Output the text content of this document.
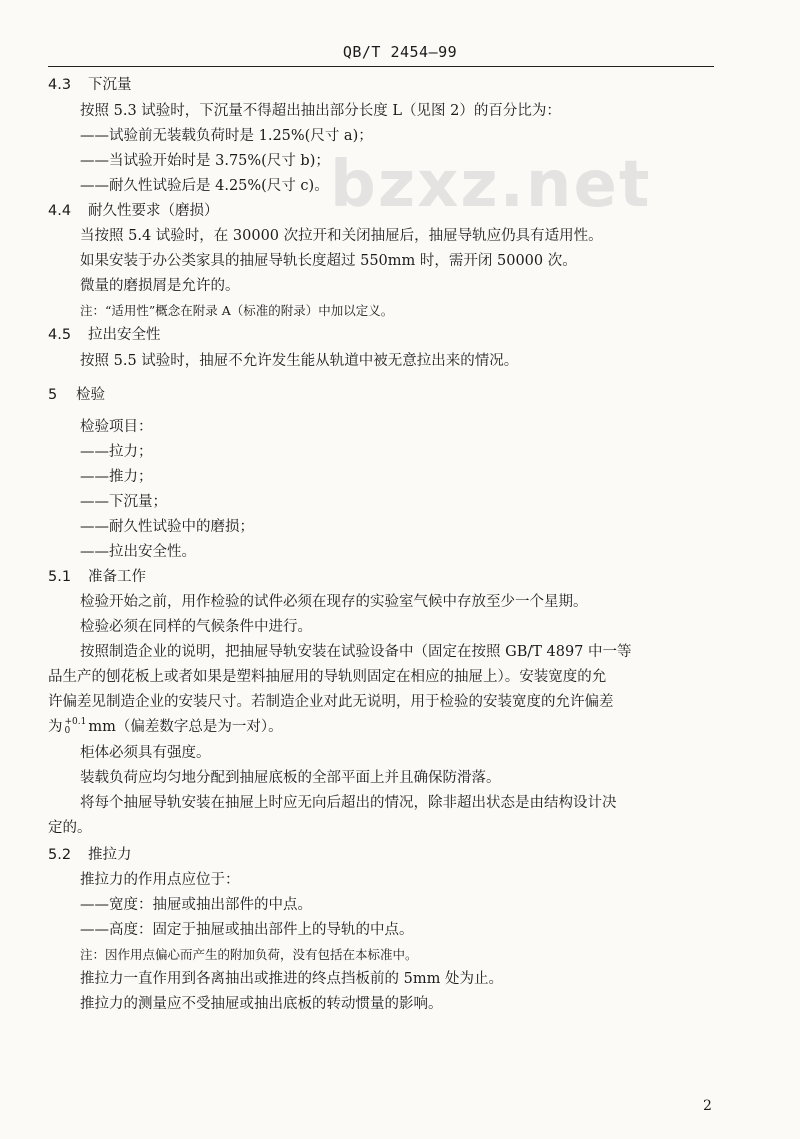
QB/T 2454—99
bzxz.net
4.3 下沉量
按照 5.3 试验时，下沉量不得超出抽出部分长度 L（见图 2）的百分比为：
——试验前无装载负荷时是 1.25%(尺寸 a)；
——当试验开始时是 3.75%(尺寸 b)；
——耐久性试验后是 4.25%(尺寸 c)。
4.4 耐久性要求（磨损）
当按照 5.4 试验时，在 30000 次拉开和关闭抽屉后，抽屉导轨应仍具有适用性。
如果安装于办公类家具的抽屉导轨长度超过 550mm 时，需开闭 50000 次。
微量的磨损屑是允许的。
注：“适用性”概念在附录 A（标准的附录）中加以定义。
4.5 拉出安全性
按照 5.5 试验时，抽屉不允许发生能从轨道中被无意拉出来的情况。
5 检验
检验项目：
——拉力；
——推力；
——下沉量；
——耐久性试验中的磨损；
——拉出安全性。
5.1 准备工作
检验开始之前，用作检验的试件必须在现存的实验室气候中存放至少一个星期。
检验必须在同样的气候条件中进行。
按照制造企业的说明，把抽屉导轨安装在试验设备中（固定在按照 GB/T 4897 中一等
品生产的刨花板上或者如果是塑料抽屉用的导轨则固定在相应的抽屉上）。安装宽度的允
许偏差见制造企业的安装尺寸。若制造企业对此无说明，用于检验的安装宽度的允许偏差
为 +0.1
0	mm（偏差数字总是为一对）。
柜体必须具有强度。
装载负荷应均匀地分配到抽屉底板的全部平面上并且确保防滑落。
将每个抽屉导轨安装在抽屉上时应无向后超出的情况，除非超出状态是由结构设计决
定的。
5.2 推拉力
推拉力的作用点应位于：
——宽度：抽屉或抽出部件的中点。
——高度：固定于抽屉或抽出部件上的导轨的中点。
注：因作用点偏心而产生的附加负荷，没有包括在本标准中。
推拉力一直作用到各离抽出或推进的终点挡板前的 5mm 处为止。
推拉力的测量应不受抽屉或抽出底板的转动惯量的影响。
2
